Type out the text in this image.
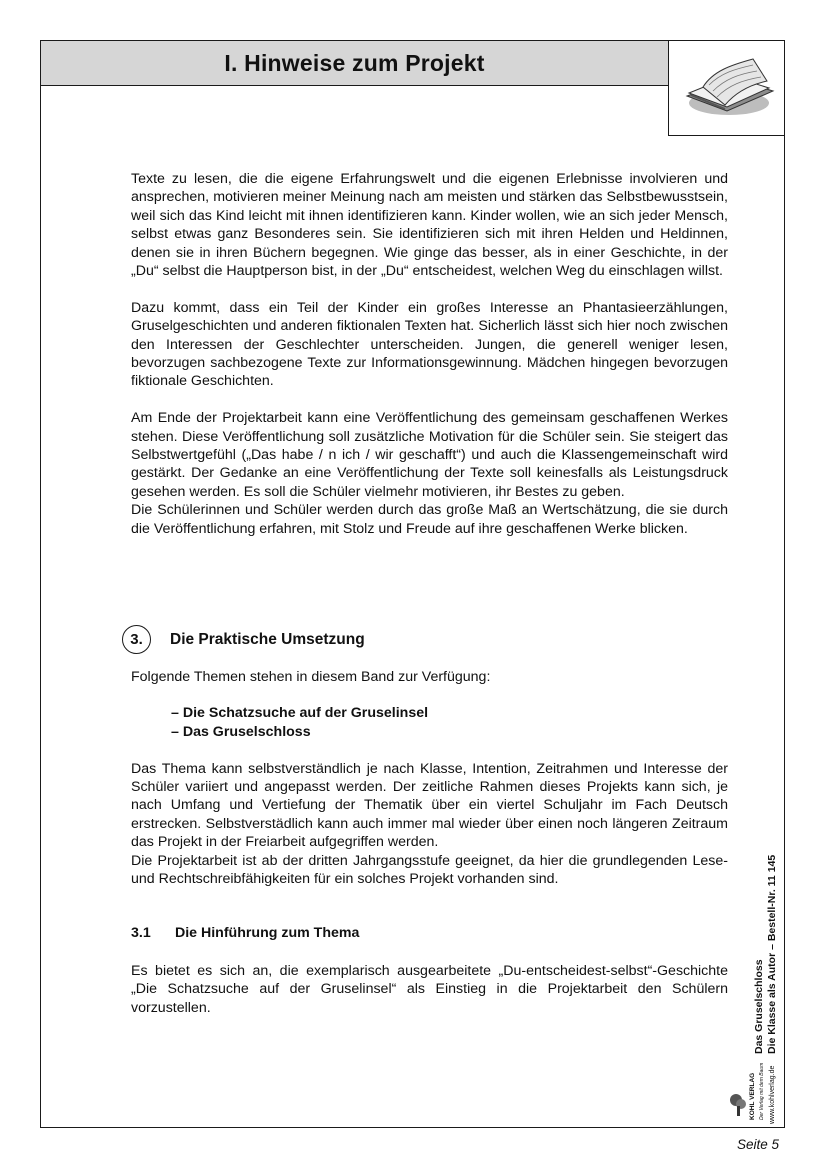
I. Hinweise zum Projekt

Texte zu lesen, die die eigene Erfahrungswelt und die eigenen Erlebnisse involvieren und ansprechen, motivieren meiner Meinung nach am meisten und stärken das Selbstbewusstsein, weil sich das Kind leicht mit ihnen identifizieren kann. Kinder wollen, wie an sich jeder Mensch, selbst etwas ganz Besonderes sein. Sie identifizieren sich mit ihren Helden und Heldinnen, denen sie in ihren Büchern begegnen. Wie ginge das besser, als in einer Geschichte, in der „Du“ selbst die Hauptperson bist, in der „Du“ entscheidest, welchen Weg du einschlagen willst.

Dazu kommt, dass ein Teil der Kinder ein großes Interesse an Phantasieerzählungen, Gruselgeschichten und anderen fiktionalen Texten hat. Sicherlich lässt sich hier noch zwischen den Interessen der Geschlechter unterscheiden. Jungen, die generell weniger lesen, bevorzugen sachbezogene Texte zur Informationsgewinnung. Mädchen hingegen bevorzugen fiktionale Geschichten.

Am Ende der Projektarbeit kann eine Veröffentlichung des gemeinsam geschaffenen Werkes stehen. Diese Veröffentlichung soll zusätzliche Motivation für die Schüler sein. Sie steigert das Selbstwertgefühl („Das habe / n ich / wir geschafft“) und auch die Klassengemeinschaft wird gestärkt. Der Gedanke an eine Veröffentlichung der Texte soll keinesfalls als Leistungsdruck gesehen werden. Es soll die Schüler vielmehr motivieren, ihr Bestes zu geben.

Die Schülerinnen und Schüler werden durch das große Maß an Wertschätzung, die sie durch die Veröffentlichung erfahren, mit Stolz und Freude auf ihre geschaffenen Werke blicken.

3.	Die Praktische Umsetzung

Folgende Themen stehen in diesem Band zur Verfügung:

– Die Schatzsuche auf der Gruselinsel
– Das Gruselschloss

Das Thema kann selbstverständlich je nach Klasse, Intention, Zeitrahmen und Interesse der Schüler variiert und angepasst werden. Der zeitliche Rahmen dieses Projekts kann sich, je nach Umfang und Vertiefung der Thematik über ein viertel Schuljahr im Fach Deutsch erstrecken. Selbstverstädlich kann auch immer mal wieder über einen noch längeren Zeitraum das Projekt in der Freiarbeit aufgegriffen werden.

Die Projektarbeit ist ab der dritten Jahrgangsstufe geeignet, da hier die grundlegenden Lese- und Rechtschreibfähigkeiten für ein solches Projekt vorhanden sind.

3.1 Die Hinführung zum Thema

Es bietet es sich an, die exemplarisch ausgearbeitete „Du-entscheidest-selbst“-Geschichte „Die Schatzsuche auf der Gruselinsel“ als Einstieg in die Projektarbeit den Schülern vorzustellen.	Das Gruselschloss Die Klasse als Autor – Bestell-Nr. 11 145
KOHL VERLAG Der Verlag mit dem Baum www.kohlverlag.de
Seite 5
